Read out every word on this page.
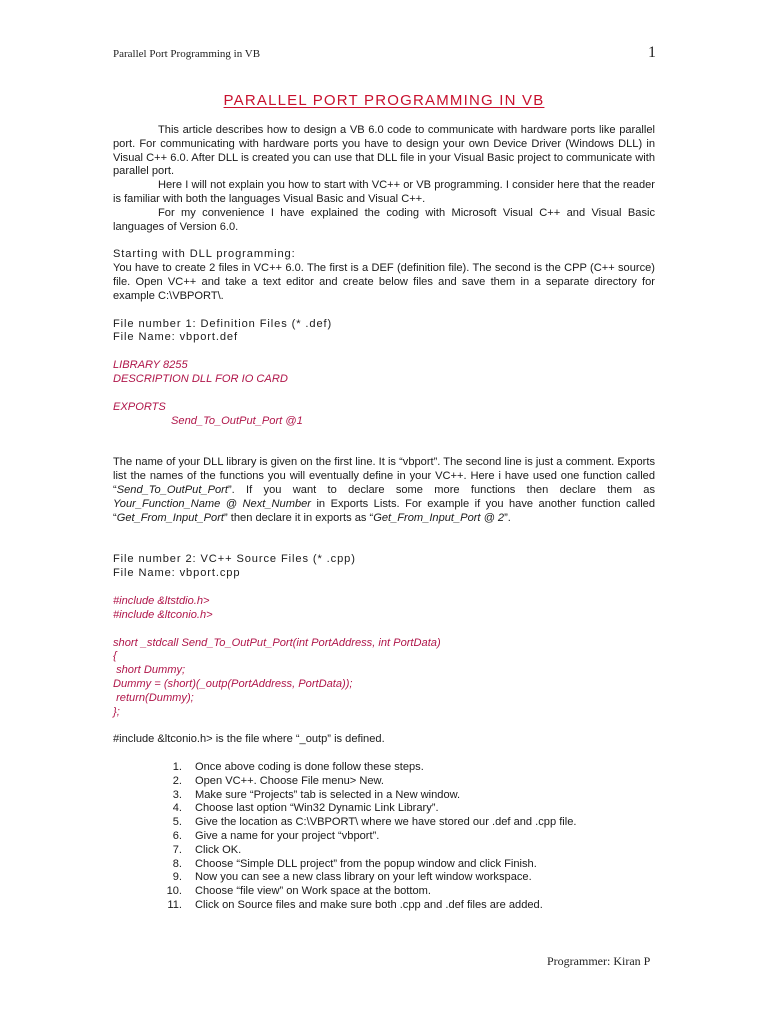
Parallel Port Programming in VB	1
PARALLEL PORT PROGRAMMING IN VB

This article describes how to design a VB 6.0 code to communicate with hardware ports like parallel port. For communicating with hardware ports you have to design your own Device Driver (Windows DLL) in Visual C++ 6.0. After DLL is created you can use that DLL file in your Visual Basic project to communicate with parallel port.

Here I will not explain you how to start with VC++ or VB programming. I consider here that the reader is familiar with both the languages Visual Basic and Visual C++.

For my convenience I have explained the coding with Microsoft Visual C++ and Visual Basic languages of Version 6.0.

Starting with DLL programming:

You have to create 2 files in VC++ 6.0. The first is a DEF (definition file). The second is the CPP (C++ source) file. Open VC++ and take a text editor and create below files and save them in a separate directory for example C:\VBPORT\.

File number 1: Definition Files (* .def)

File Name: vbport.def

LIBRARY 8255

DESCRIPTION DLL FOR IO CARD

EXPORTS

Send_To_OutPut_Port @1

The name of your DLL library is given on the first line. It is “vbport”. The second line is just a comment. Exports list the names of the functions you will eventually define in your VC++. Here i have used one function called “Send_To_OutPut_Port”. If you want to declare some more functions then declare them as Your_Function_Name @ Next_Number in Exports Lists. For example if you have another function called “Get_From_Input_Port” then declare it in exports as “Get_From_Input_Port @ 2”.

File number 2: VC++ Source Files (* .cpp)

File Name: vbport.cpp

#include &ltstdio.h>

#include &ltconio.h>

short _stdcall Send_To_OutPut_Port(int PortAddress, int PortData)

{

short Dummy;

Dummy = (short)(_outp(PortAddress, PortData));

return(Dummy);

};

#include &ltconio.h> is the file where “_outp” is defined.

1. Once above coding is done follow these steps.
2. Open VC++. Choose File menu> New.
3. Make sure “Projects” tab is selected in a New window.
4. Choose last option “Win32 Dynamic Link Library”.
5. Give the location as C:\VBPORT\ where we have stored our .def and .cpp file.
6. Give a name for your project “vbport”.
7. Click OK.
8. Choose “Simple DLL project” from the popup window and click Finish.
9. Now you can see a new class library on your left window workspace.
10. Choose “file view” on Work space at the bottom.
11. Click on Source files and make sure both .cpp and .def files are added.
Programmer: Kiran P
